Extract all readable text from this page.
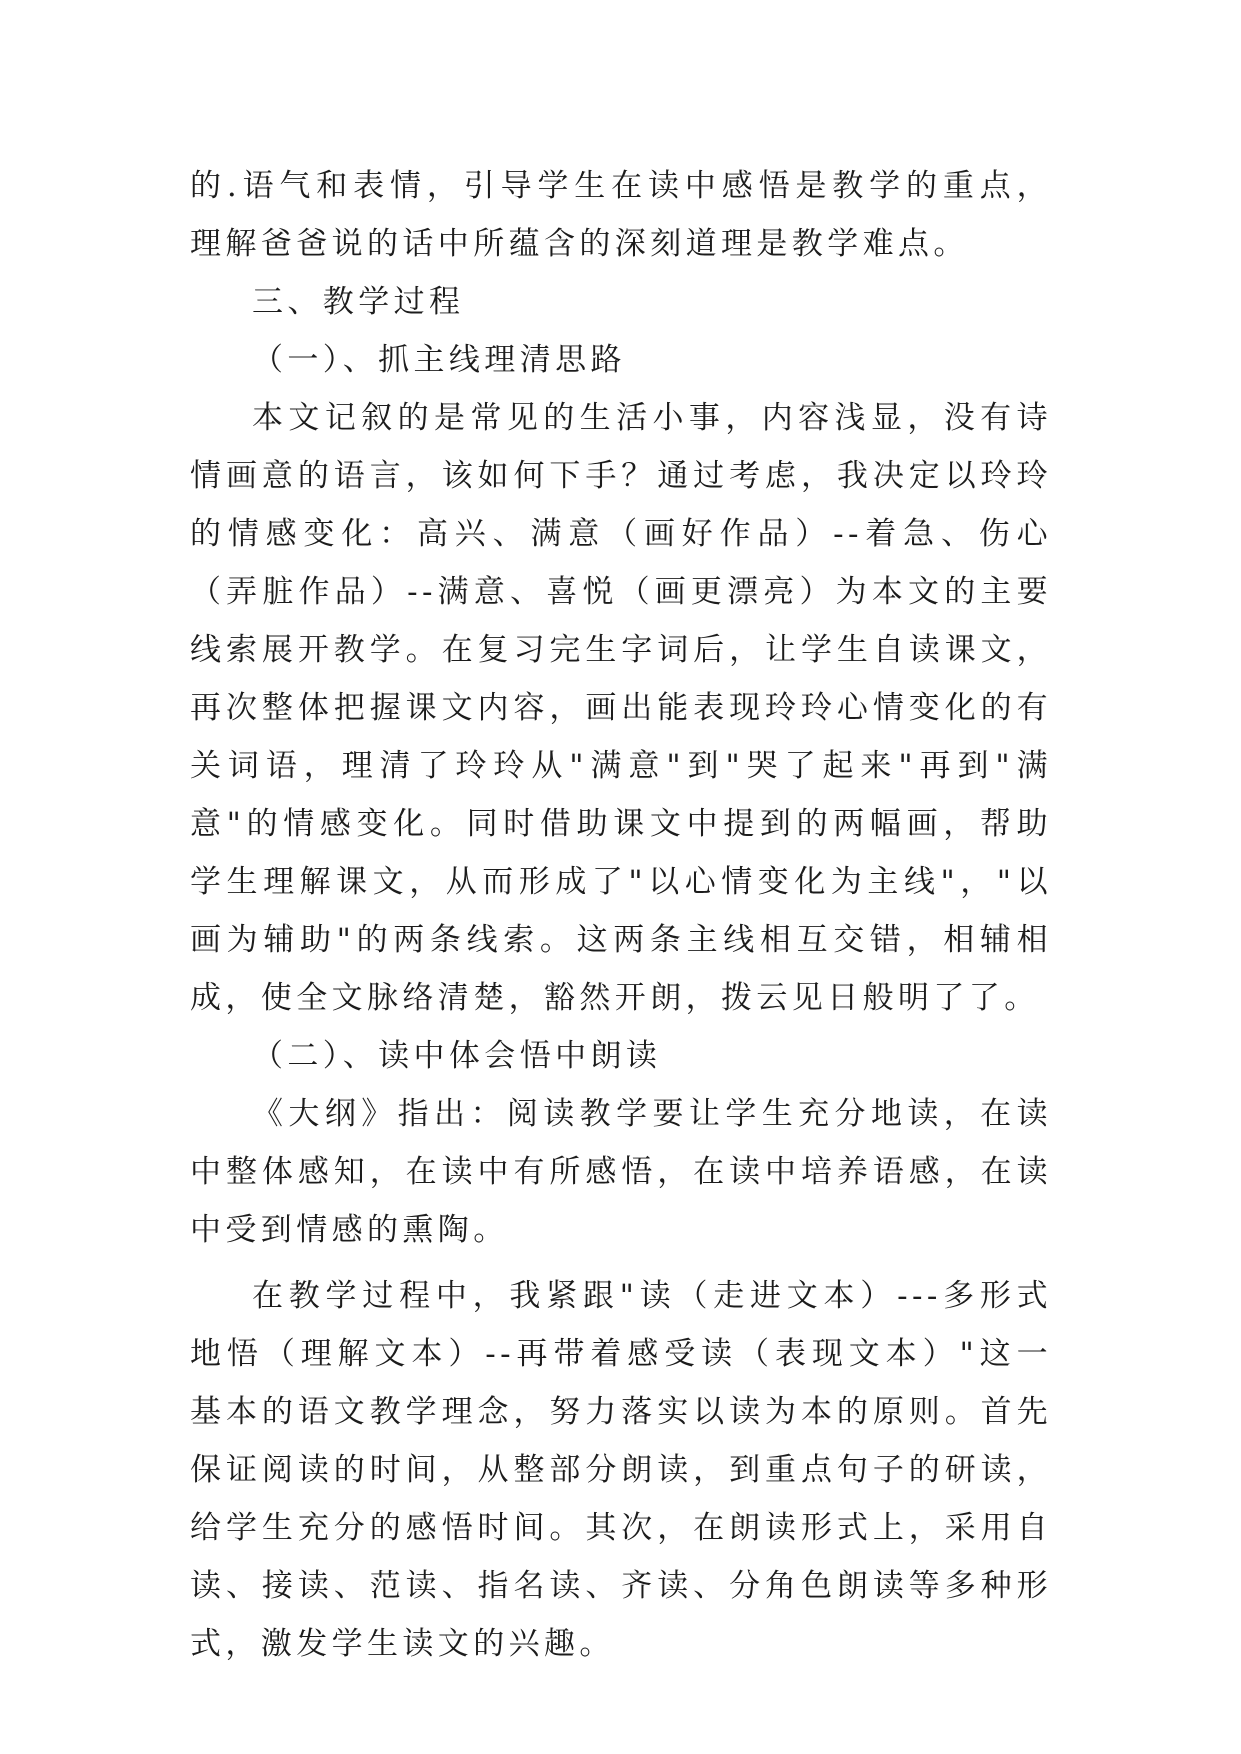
的.语气和表情，引导学生在读中感悟是教学的重点，理解爸爸说的话中所蕴含的深刻道理是教学难点。

三、教学过程

（一）、抓主线理清思路

本文记叙的是常见的生活小事，内容浅显，没有诗情画意的语言，该如何下手？通过考虑，我决定以玲玲的情感变化：高兴、满意（画好作品）--着急、伤心（弄脏作品）--满意、喜悦（画更漂亮）为本文的主要线索展开教学。在复习完生字词后，让学生自读课文，再次整体把握课文内容，画出能表现玲玲心情变化的有关词语，理清了玲玲从"满意"到"哭了起来"再到"满意"的情感变化。同时借助课文中提到的两幅画，帮助学生理解课文，从而形成了"以心情变化为主线"，"以画为辅助"的两条线索。这两条主线相互交错，相辅相成，使全文脉络清楚，豁然开朗，拨云见日般明了了。

（二）、读中体会悟中朗读

《大纲》指出：阅读教学要让学生充分地读，在读中整体感知，在读中有所感悟，在读中培养语感，在读中受到情感的熏陶。

在教学过程中，我紧跟"读（走进文本）---多形式地悟（理解文本）--再带着感受读（表现文本）"这一基本的语文教学理念，努力落实以读为本的原则。首先保证阅读的时间，从整部分朗读，到重点句子的研读，给学生充分的感悟时间。其次，在朗读形式上，采用自读、接读、范读、指名读、齐读、分角色朗读等多种形式，激发学生读文的兴趣。
